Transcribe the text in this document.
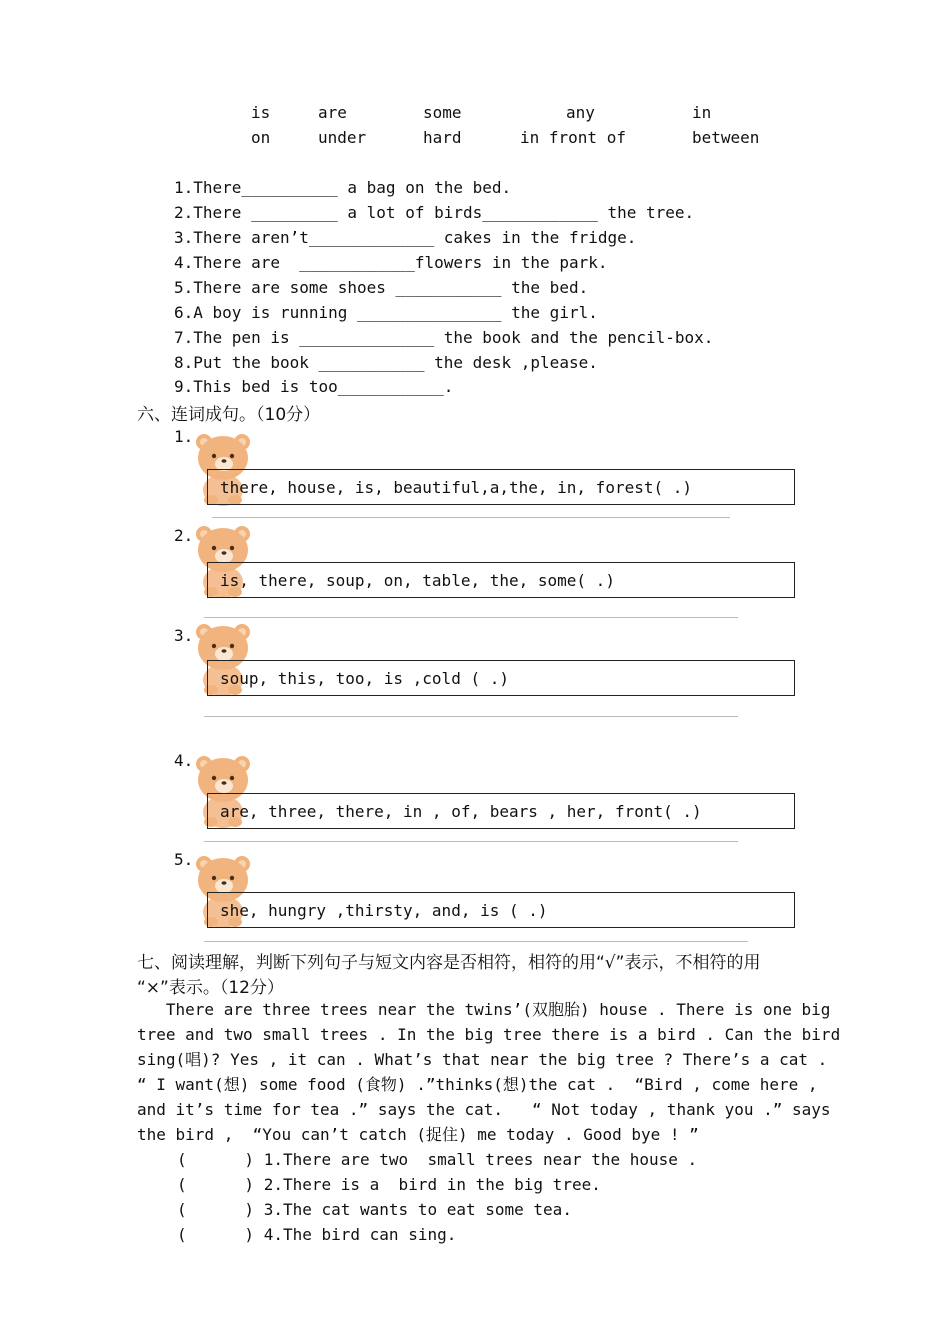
is	are	some	any	in
on	under	hard	in front of	between
1.There__________ a bag on the bed.
2.There _________ a lot of birds____________ the tree.
3.There aren’t_____________ cakes in the fridge.
4.There are  ____________flowers in the park.
5.There are some shoes ___________ the bed.
6.A boy is running _______________ the girl.
7.The pen is ______________ the book and the pencil-box.
8.Put the book ___________ the desk ,please.
9.This bed is too___________.
六、连词成句。（10分）
1.
there, house, is, beautiful,a,the, in, forest( .)
2.
is, there, soup, on, table, the, some( .)
3.
soup, this, too, is ,cold ( .)
4.
are, three, there, in , of, bears , her, front( .)
5.
she, hungry ,thirsty, and, is ( .)
七、阅读理解，判断下列句子与短文内容是否相符，相符的用“√”表示，不相符的用
“×”表示。（12分）
There are three trees near the twins’(双胞胎) house . There is one big
tree and two small trees . In the big tree there is a bird . Can the bird
sing(唱)? Yes , it can . What’s that near the big tree ? There’s a cat .
“ I want(想) some food (食物) .”thinks(想)the cat .  “Bird , come here ,
and it’s time for tea .” says the cat.   “ Not today , thank you .” says
the bird ,  “You can’t catch (捉住) me today . Good bye ! ”
(      ) 1.There are two  small trees near the house .
(      ) 2.There is a  bird in the big tree.
(      ) 3.The cat wants to eat some tea.
(      ) 4.The bird can sing.
